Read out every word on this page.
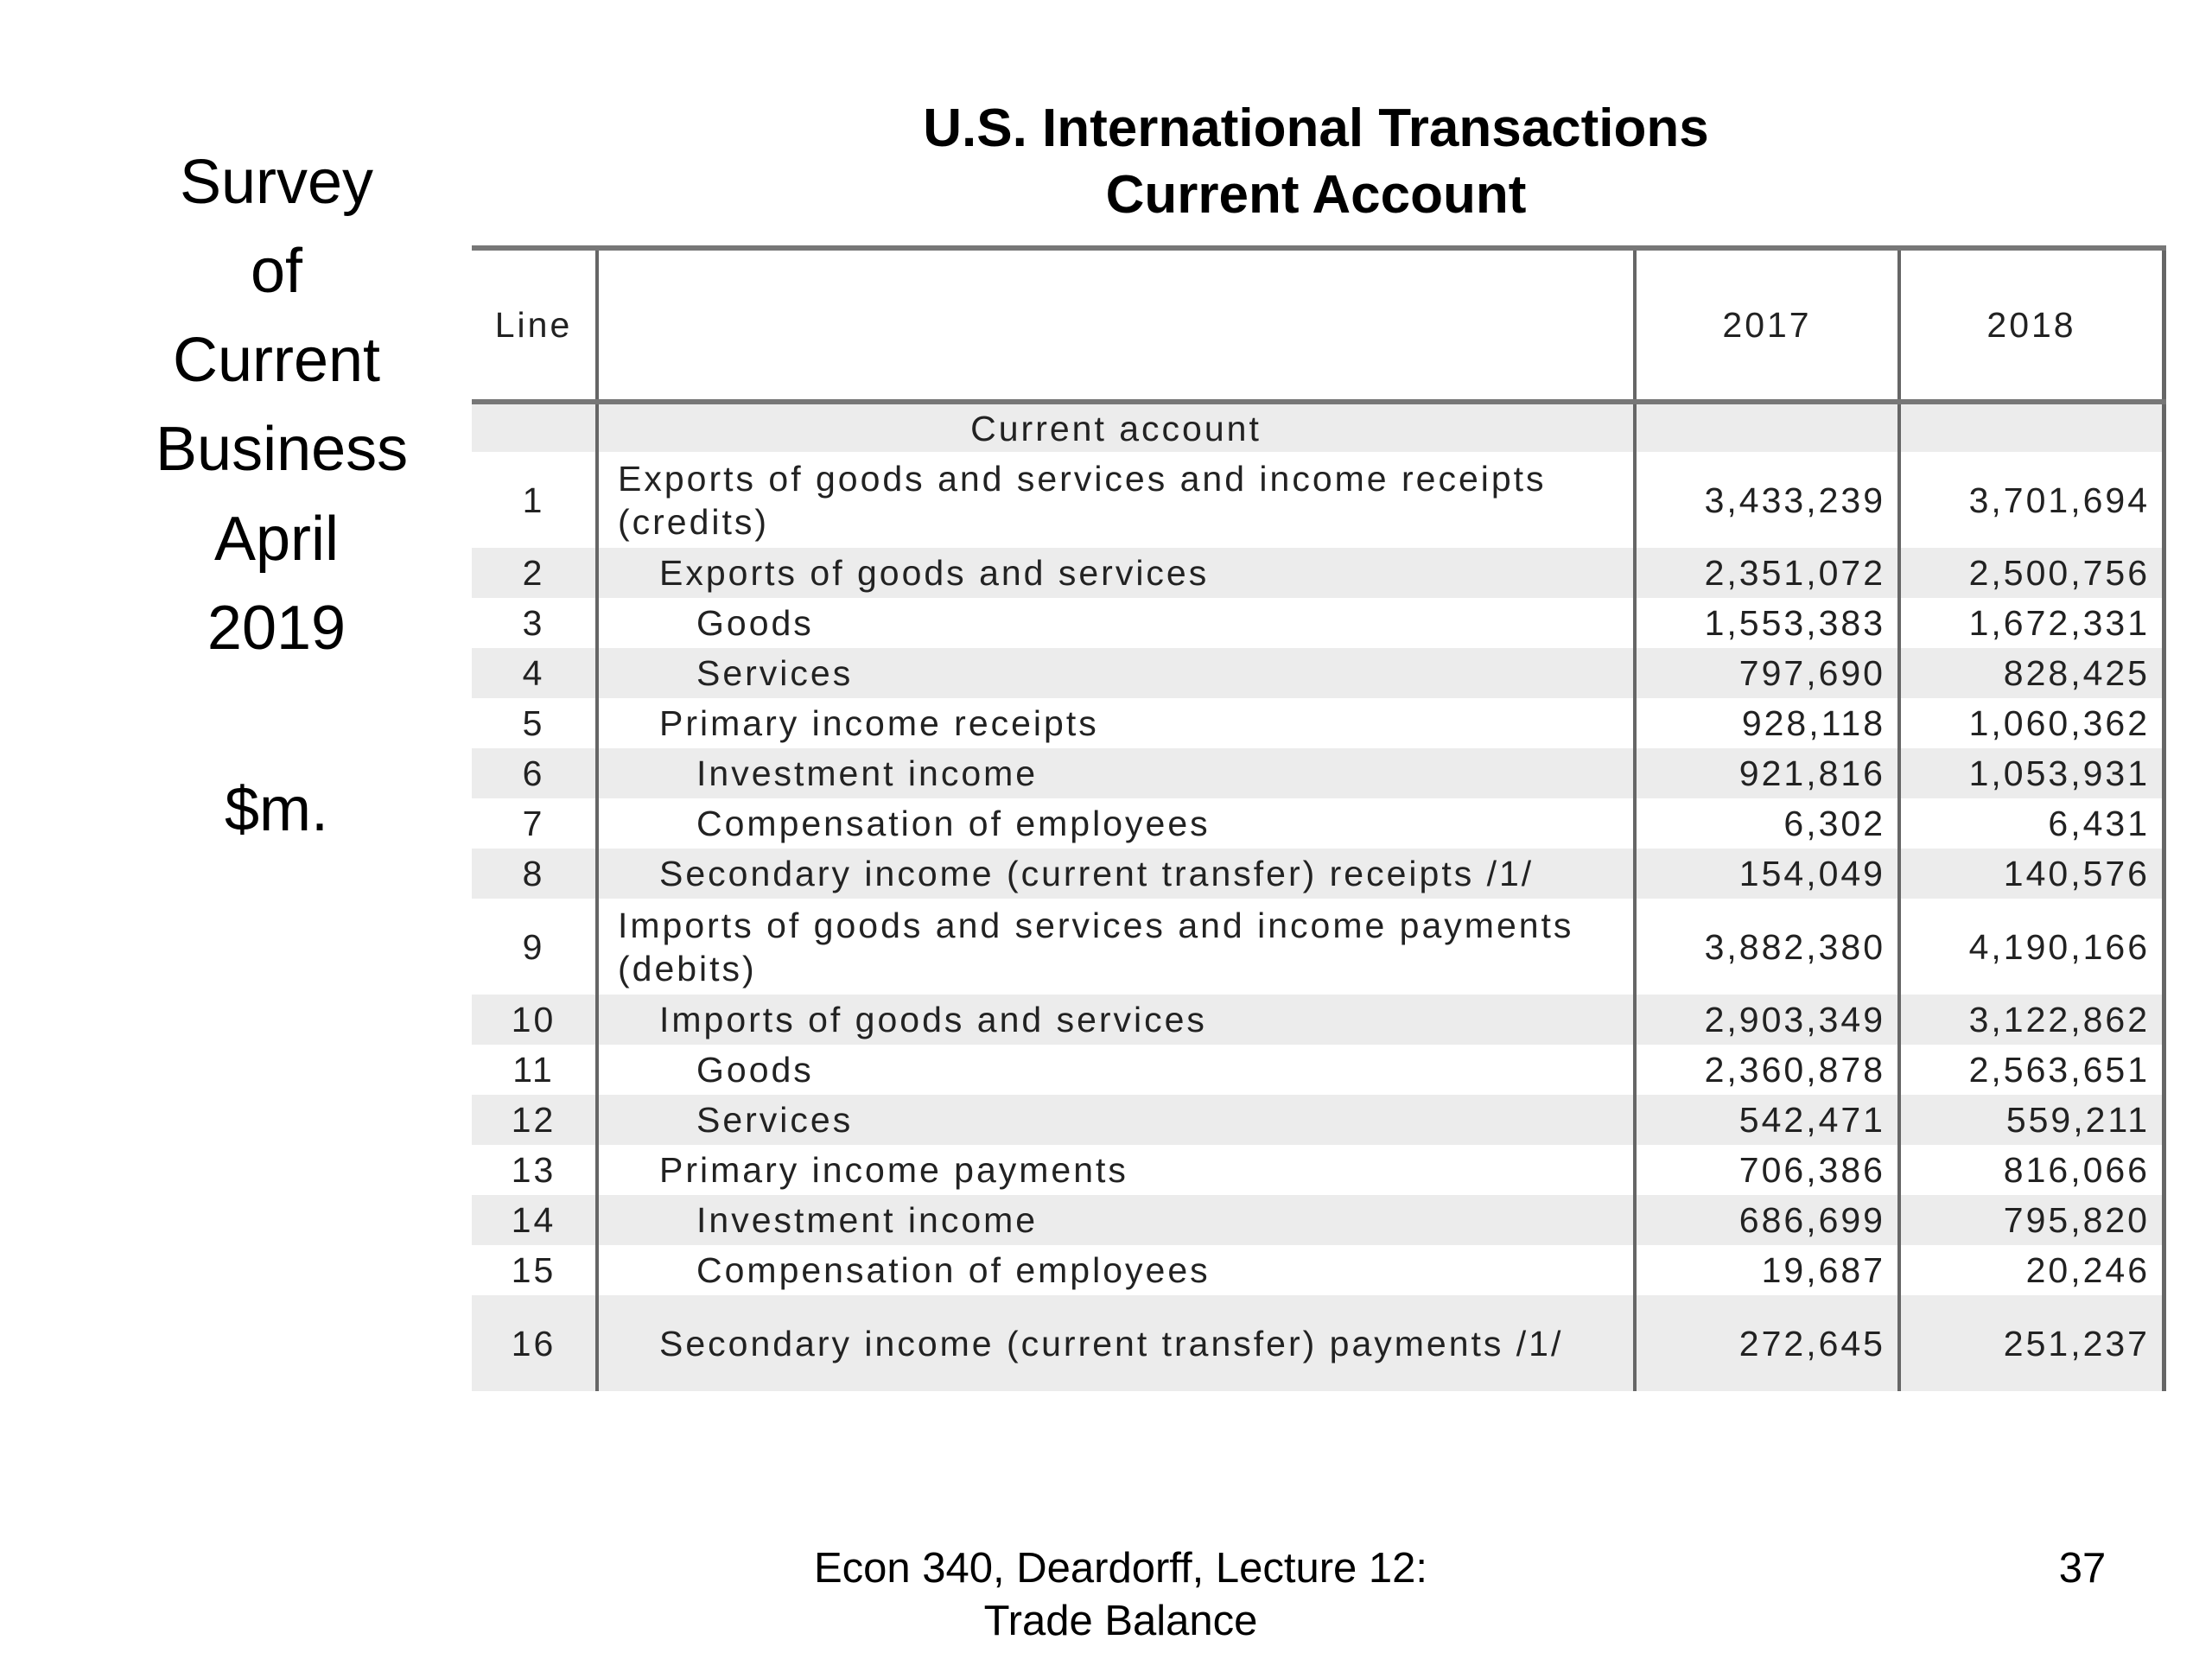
Survey of
Current
Business
April
2019
$m.
U.S. International Transactions
Current Account
Line		2017	2018
	Current account		
1	Exports of goods and services and income receipts (credits)	3,433,239	3,701,694
2	Exports of goods and services	2,351,072	2,500,756
3	Goods	1,553,383	1,672,331
4	Services	797,690	828,425
5	Primary income receipts	928,118	1,060,362
6	Investment income	921,816	1,053,931
7	Compensation of employees	6,302	6,431
8	Secondary income (current transfer) receipts /1/	154,049	140,576
9	Imports of goods and services and income payments (debits)	3,882,380	4,190,166
10	Imports of goods and services	2,903,349	3,122,862
11	Goods	2,360,878	2,563,651
12	Services	542,471	559,211
13	Primary income payments	706,386	816,066
14	Investment income	686,699	795,820
15	Compensation of employees	19,687	20,246
16	Secondary income (current transfer) payments /1/	272,645	251,237
Econ 340, Deardorff, Lecture 12:
Trade Balance
37
